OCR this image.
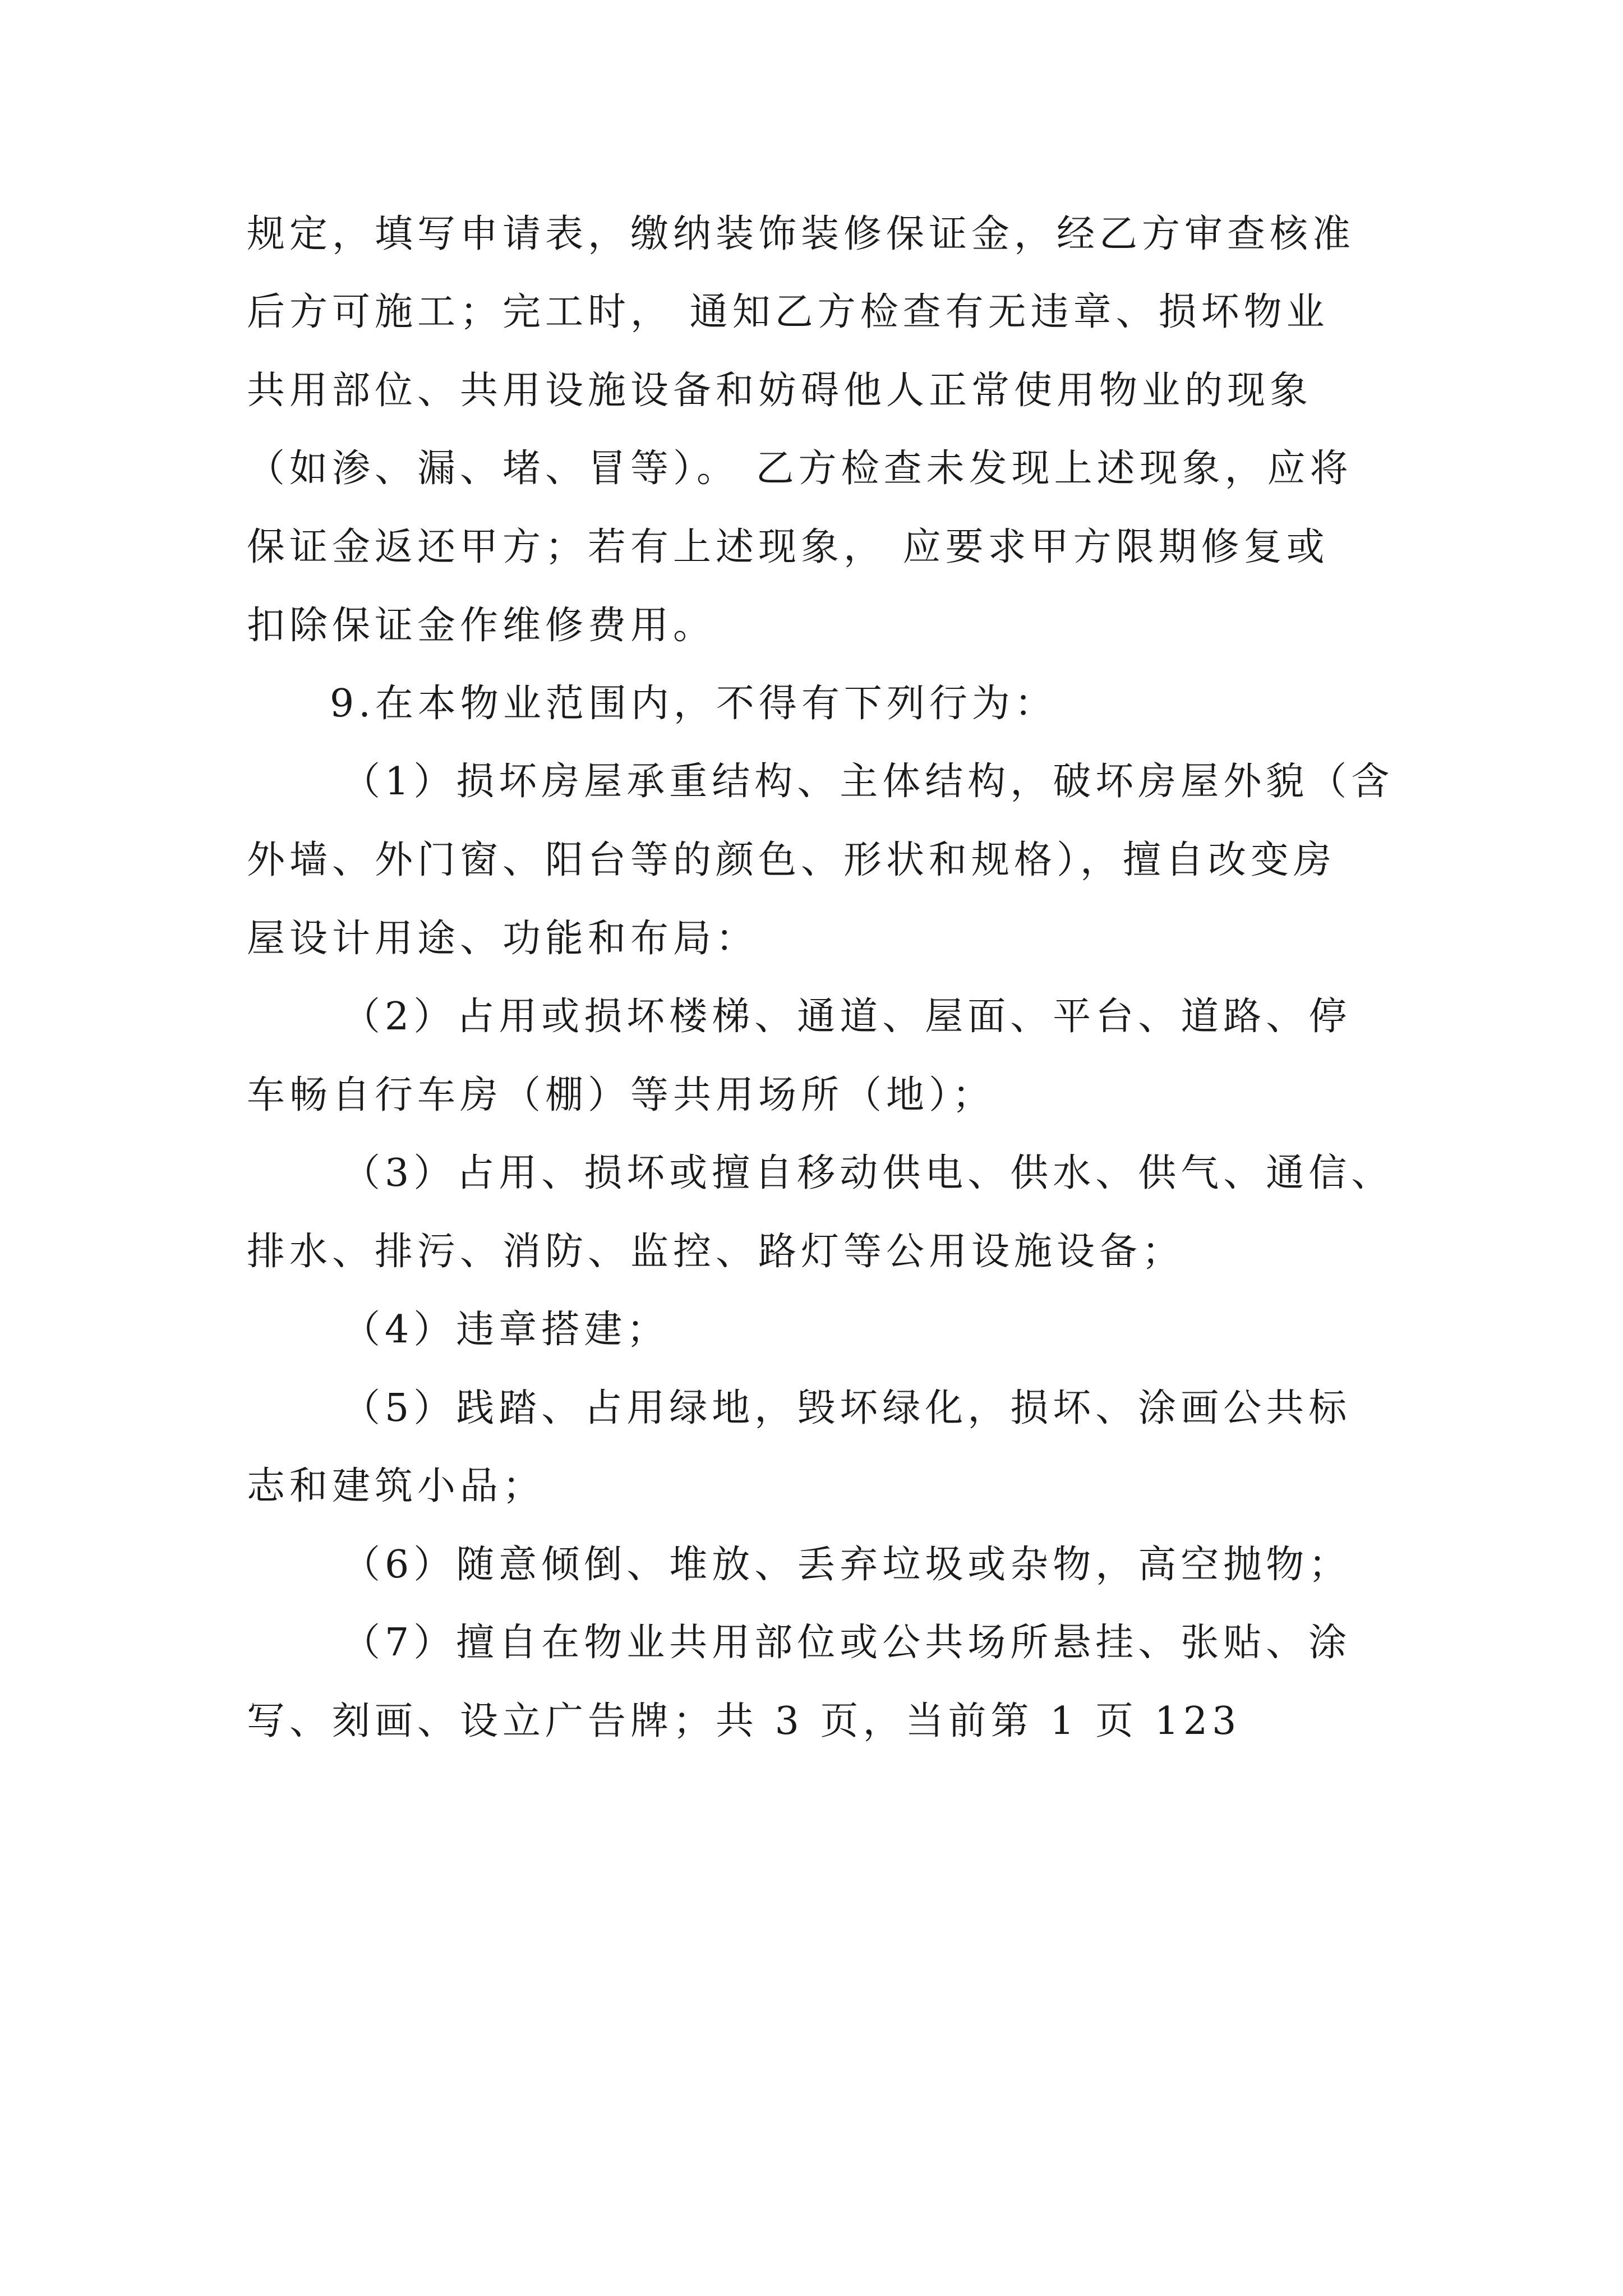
规定，填写申请表，缴纳装饰装修保证金，经乙方审查核准
后方可施工；完工时， 通知乙方检查有无违章、损坏物业
共用部位、共用设施设备和妨碍他人正常使用物业的现象
（如渗、漏、堵、冒等）。 乙方检查未发现上述现象，应将
保证金返还甲方；若有上述现象， 应要求甲方限期修复或
扣除保证金作维修费用。
9.在本物业范围内，不得有下列行为：
（1）损坏房屋承重结构、主体结构，破坏房屋外貌（含
外墙、外门窗、阳台等的颜色、形状和规格），擅自改变房
屋设计用途、功能和布局：
（2）占用或损坏楼梯、通道、屋面、平台、道路、停
车畅自行车房（棚）等共用场所（地）；
（3）占用、损坏或擅自移动供电、供水、供气、通信、
排水、排污、消防、监控、路灯等公用设施设备；
（4）违章搭建；
（5）践踏、占用绿地，毁坏绿化，损坏、涂画公共标
志和建筑小品；
（6）随意倾倒、堆放、丢弃垃圾或杂物，高空抛物；
（7）擅自在物业共用部位或公共场所悬挂、张贴、涂
写、刻画、设立广告牌；共 3 页，当前第 1 页 123
